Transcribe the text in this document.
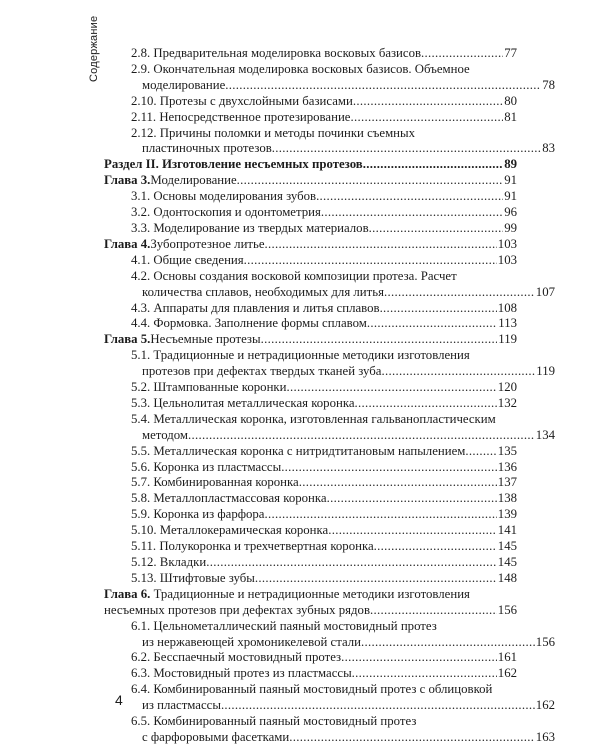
Содержание 2.8. Предварительная моделировка восковых базисов .....	77
2.9. Окончательная моделировка восковых базисов. Объемное
моделирование .....	78
2.10. Протезы с двухслойными базисами .....	80
2.11. Непосредственное протезирование .....	81
2.12. Причины поломки и методы починки съемных
пластиночных протезов .....	83
Раздел II. Изготовление несъемных протезов .....	89
Глава 3. Моделирование .....	91
3.1. Основы моделирования зубов .....	91
3.2. Одонтоскопия и одонтометрия .....	96
3.3. Моделирование из твердых материалов .....	99
Глава 4. Зубопротезное литье .....	103
4.1. Общие сведения .....	103
4.2. Основы создания восковой композиции протеза. Расчет
количества сплавов, необходимых для литья .....	107
4.3. Аппараты для плавления и литья сплавов .....	108
4.4. Формовка. Заполнение формы сплавом .....	113
Глава 5. Несъемные протезы .....	119
5.1. Традиционные и нетрадиционные методики изготовления
протезов при дефектах твердых тканей зуба .....	119
5.2. Штампованные коронки .....	120
5.3. Цельнолитая металлическая коронка .....	132
5.4. Металлическая коронка, изготовленная гальванопластическим
методом .....	134
5.5. Металлическая коронка с нитридтитановым напылением .....	135
5.6. Коронка из пластмассы .....	136
5.7. Комбинированная коронка .....	137
5.8. Металлопластмассовая коронка .....	138
5.9. Коронка из фарфора .....	139
5.10. Металлокерамическая коронка .....	141
5.11. Полукоронка и трехчетвертная коронка .....	145
5.12. Вкладки .....	145
5.13. Штифтовые зубы .....	148
Глава 6. Традиционные и нетрадиционные методики изготовления
несъемных протезов при дефектах зубных рядов .....	156
6.1. Цельнометаллический паяный мостовидный протез
из нержавеющей хромоникелевой стали .....	156
6.2. Бесспаечный мостовидный протез .....	161
6.3. Мостовидный протез из пластмассы .....	162
6.4. Комбинированный паяный мостовидный протез с облицовкой
из пластмассы .....	162
6.5. Комбинированный паяный мостовидный протез
с фарфоровыми фасетками .....	163
4
